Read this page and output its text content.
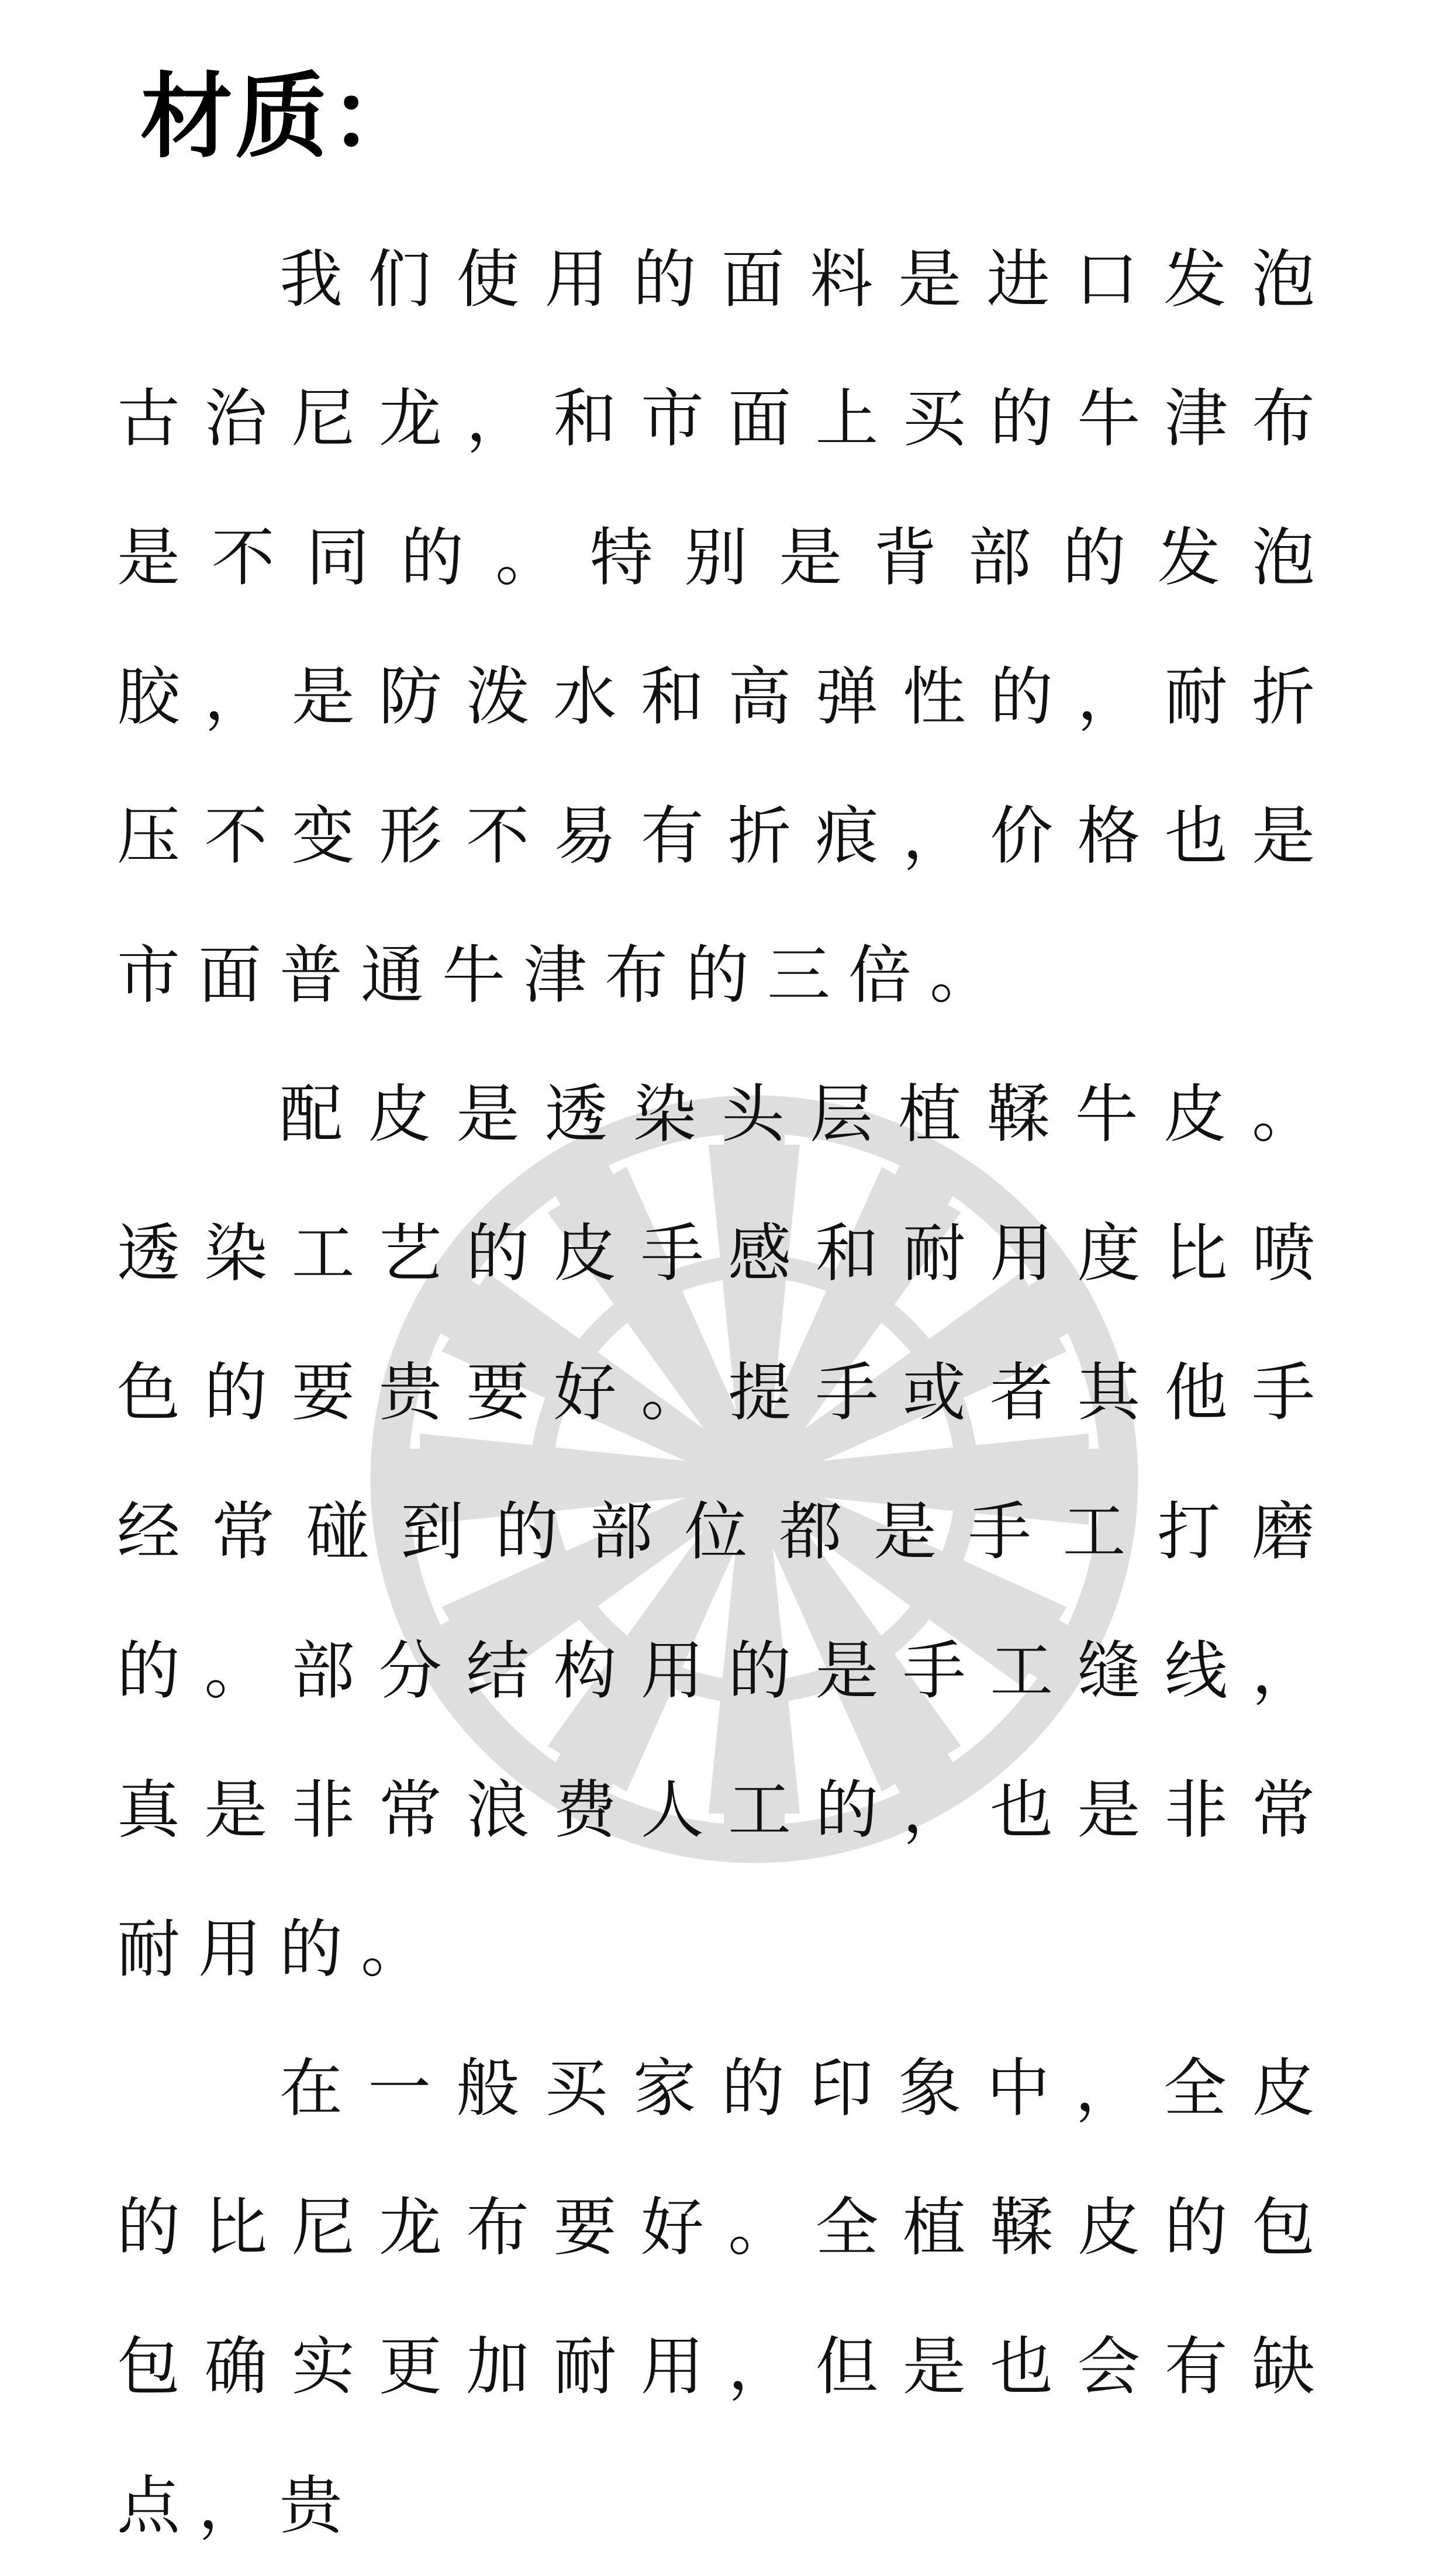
材质：

我们使用的面料是进口发泡古治尼龙，和市面上买的牛津布是不同的。特别是背部的发泡胶，是防泼水和高弹性的，耐折压不变形不易有折痕，价格也是市面普通牛津布的三倍。

配皮是透染头层植鞣牛皮。透染工艺的皮手感和耐用度比喷色的要贵要好。提手或者其他手经常碰到的部位都是手工打磨的。部分结构用的是手工缝线，真是非常浪费人工的，也是非常耐用的。

在一般买家的印象中，全皮的比尼龙布要好。全植鞣皮的包包确实更加耐用，但是也会有缺点，贵
